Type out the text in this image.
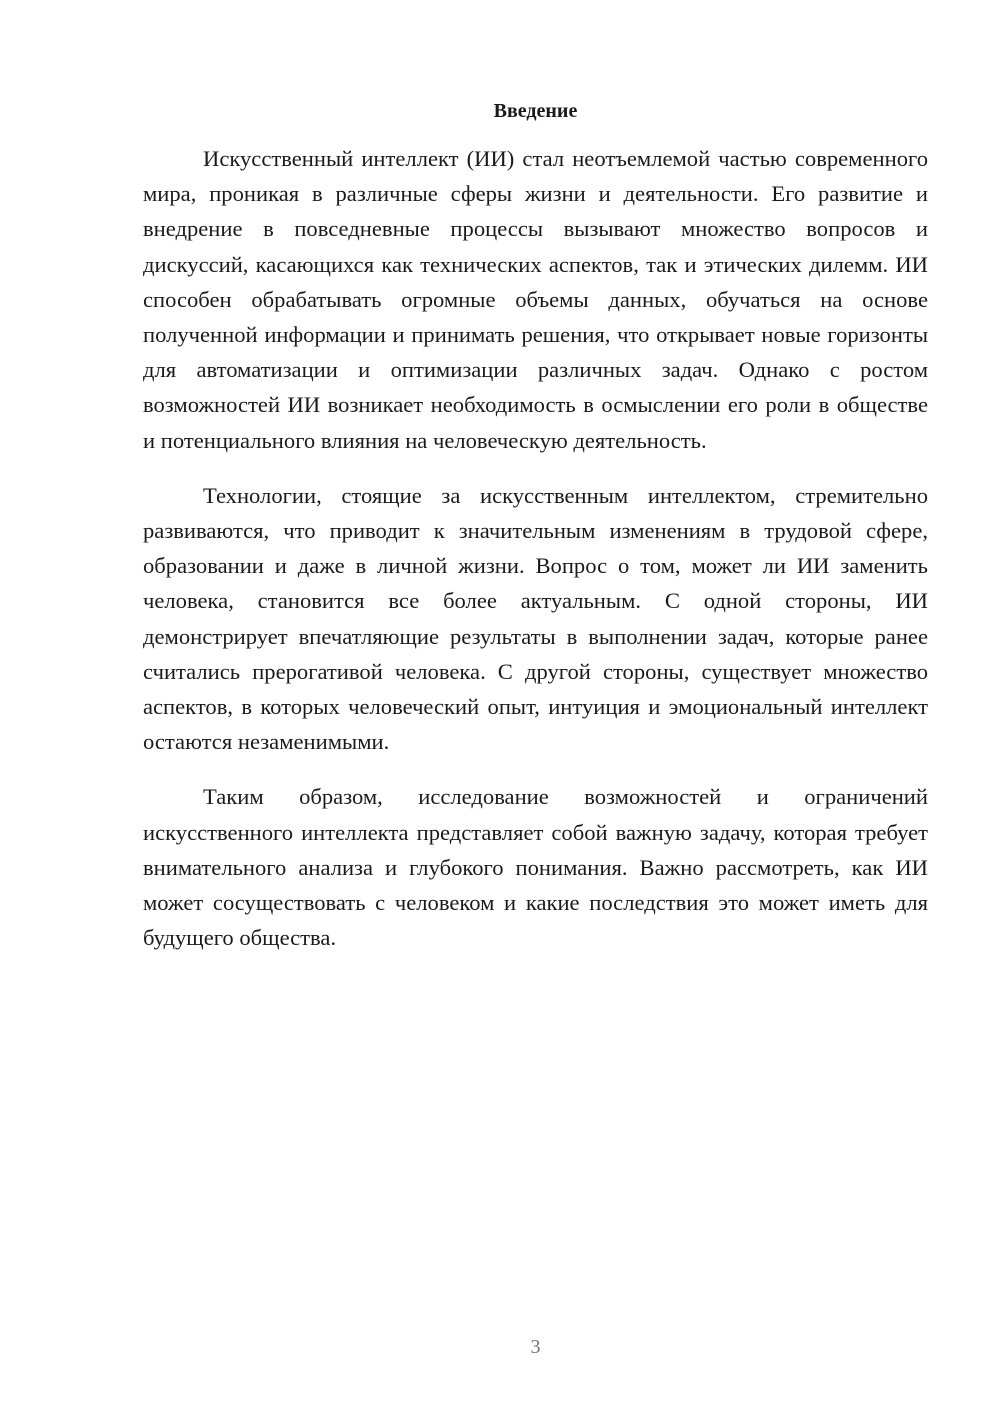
Введение

Искусственный интеллект (ИИ) стал неотъемлемой частью современного мира, проникая в различные сферы жизни и деятельности. Его развитие и внедрение в повседневные процессы вызывают множество вопросов и дискуссий, касающихся как технических аспектов, так и этических дилемм. ИИ способен обрабатывать огромные объемы данных, обучаться на основе полученной информации и принимать решения, что открывает новые горизонты для автоматизации и оптимизации различных задач. Однако с ростом возможностей ИИ возникает необходимость в осмыслении его роли в обществе и потенциального влияния на человеческую деятельность.

Технологии, стоящие за искусственным интеллектом, стремительно развиваются, что приводит к значительным изменениям в трудовой сфере, образовании и даже в личной жизни. Вопрос о том, может ли ИИ заменить человека, становится все более актуальным. С одной стороны, ИИ демонстрирует впечатляющие результаты в выполнении задач, которые ранее считались прерогативой человека. С другой стороны, существует множество аспектов, в которых человеческий опыт, интуиция и эмоциональный интеллект остаются незаменимыми.

Таким образом, исследование возможностей и ограничений искусственного интеллекта представляет собой важную задачу, которая требует внимательного анализа и глубокого понимания. Важно рассмотреть, как ИИ может сосуществовать с человеком и какие последствия это может иметь для будущего общества.

3
